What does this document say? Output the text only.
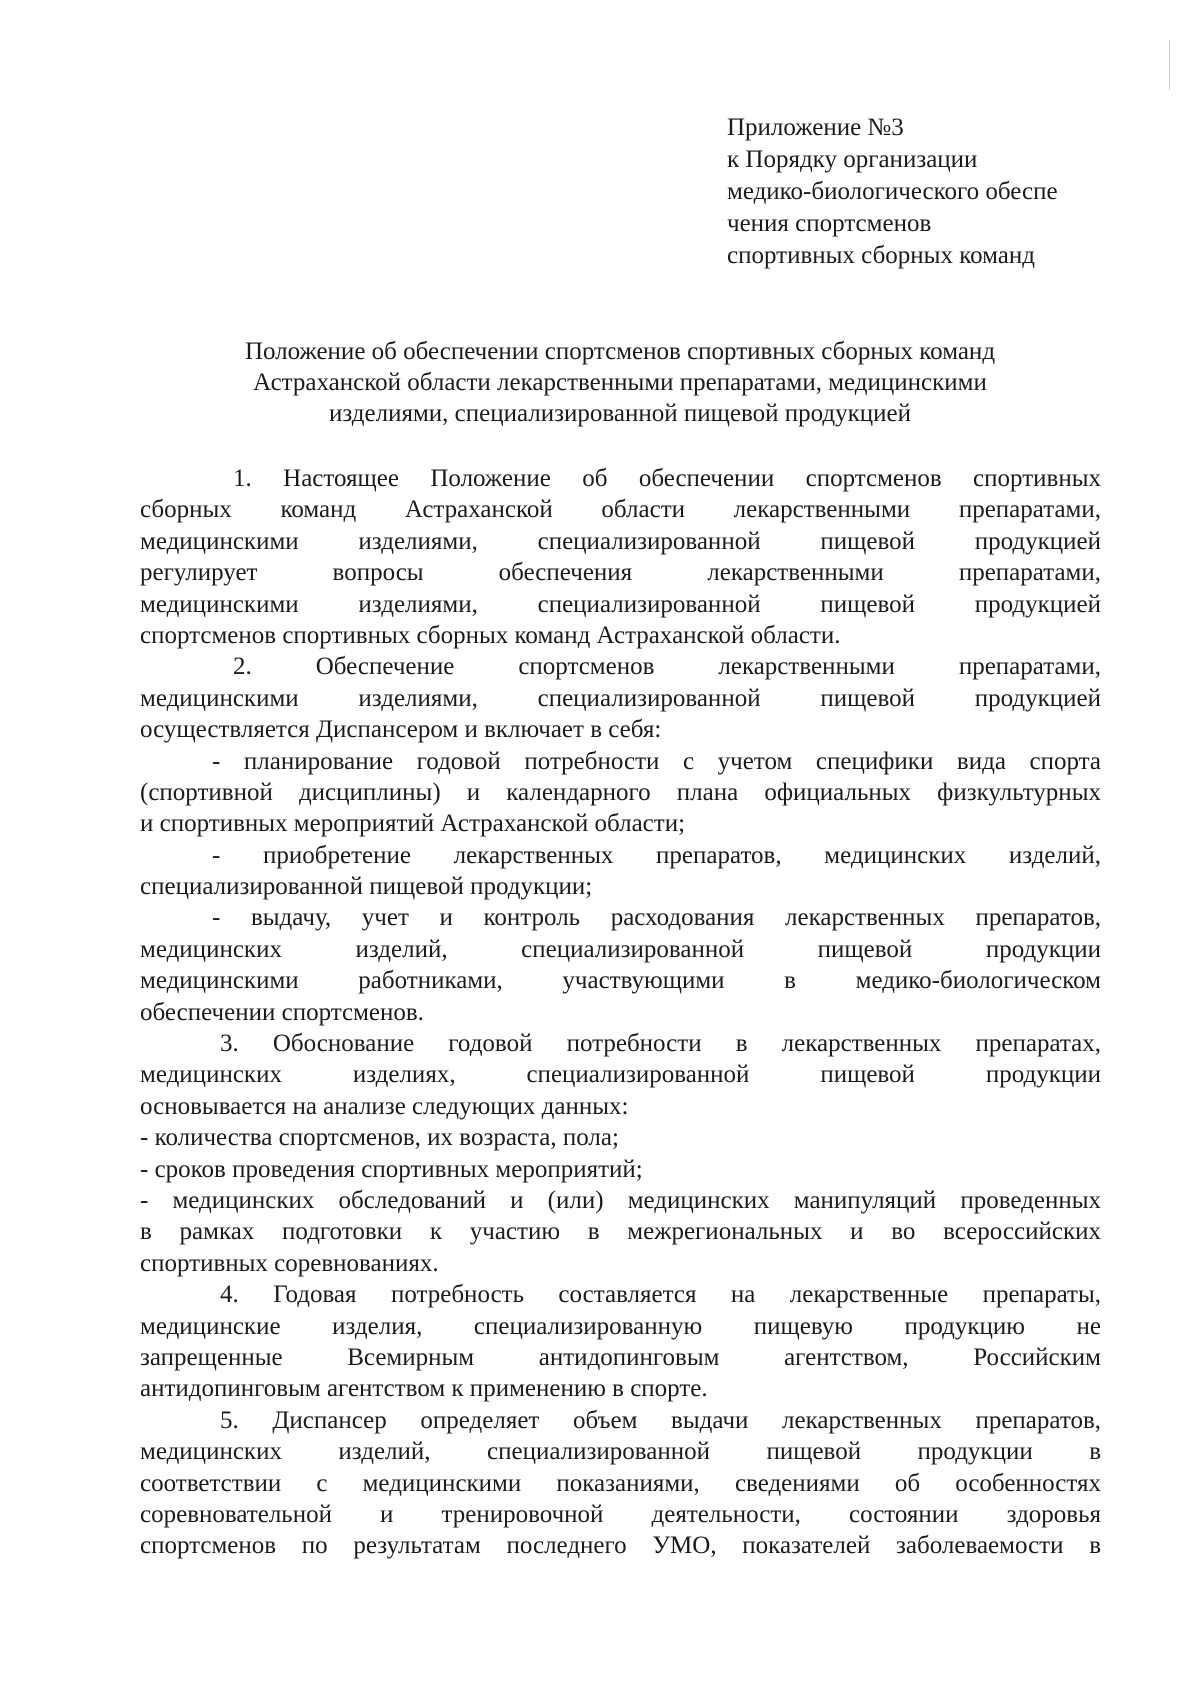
Приложение №3
к Порядку организации
медико-биологического обеспе
чения спортсменов
спортивных сборных команд
Положение об обеспечении спортсменов спортивных сборных команд
Астраханской области лекарственными препаратами, медицинскими
изделиями, специализированной пищевой продукцией
1. Настоящее Положение об обеспечении спортсменов спортивных
сборных команд Астраханской области лекарственными препаратами,
медицинскими изделиями, специализированной пищевой продукцией
регулирует вопросы обеспечения лекарственными препаратами,
медицинскими изделиями, специализированной пищевой продукцией
спортсменов спортивных сборных команд Астраханской области.
2. Обеспечение спортсменов лекарственными препаратами,
медицинскими изделиями, специализированной пищевой продукцией
осуществляется Диспансером и включает в себя:
- планирование годовой потребности с учетом специфики вида спорта
(спортивной дисциплины) и календарного плана официальных физкультурных
и спортивных мероприятий Астраханской области;
- приобретение лекарственных препаратов, медицинских изделий,
специализированной пищевой продукции;
- выдачу, учет и контроль расходования лекарственных препаратов,
медицинских изделий, специализированной пищевой продукции
медицинскими работниками, участвующими в медико-биологическом
обеспечении спортсменов.
3. Обоснование годовой потребности в лекарственных препаратах,
медицинских изделиях, специализированной пищевой продукции
основывается на анализе следующих данных:
- количества спортсменов, их возраста, пола;
- сроков проведения спортивных мероприятий;
- медицинских обследований и (или) медицинских манипуляций проведенных
в рамках подготовки к участию в межрегиональных и во всероссийских
спортивных соревнованиях.
4. Годовая потребность составляется на лекарственные препараты,
медицинские изделия, специализированную пищевую продукцию не
запрещенные Всемирным антидопинговым агентством, Российским
антидопинговым агентством к применению в спорте.
5. Диспансер определяет объем выдачи лекарственных препаратов,
медицинских изделий, специализированной пищевой продукции в
соответствии с медицинскими показаниями, сведениями об особенностях
соревновательной и тренировочной деятельности, состоянии здоровья
спортсменов по результатам последнего УМО, показателей заболеваемости в
